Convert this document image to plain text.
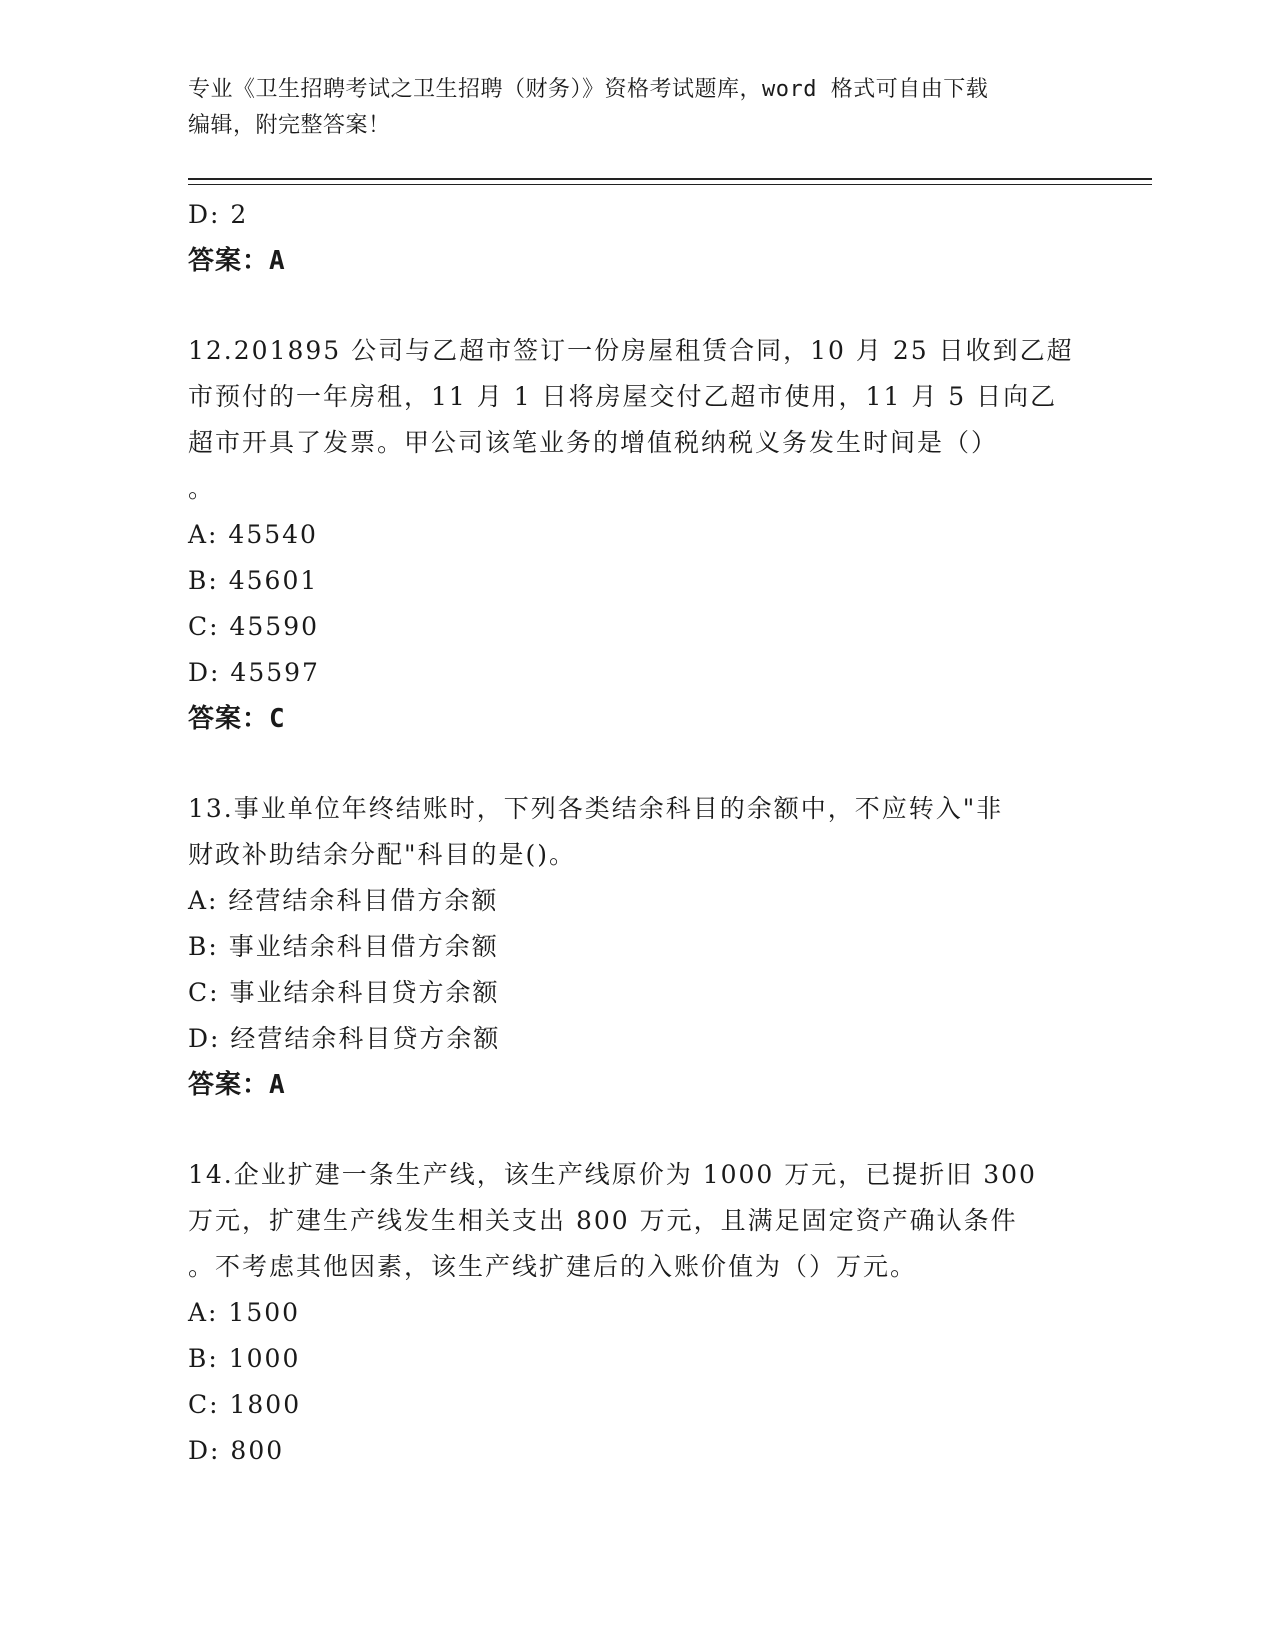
专业《卫生招聘考试之卫生招聘（财务）》资格考试题库，word 格式可自由下载
编辑，附完整答案！
D: 2
答案：A
12.201895 公司与乙超市签订一份房屋租赁合同，10 月 25 日收到乙超
市预付的一年房租，11 月 1 日将房屋交付乙超市使用，11 月 5 日向乙
超市开具了发票。甲公司该笔业务的增值税纳税义务发生时间是（）
。
A: 45540
B: 45601
C: 45590
D: 45597
答案：C
13.事业单位年终结账时，下列各类结余科目的余额中，不应转入"非
财政补助结余分配"科目的是()。
A: 经营结余科目借方余额
B: 事业结余科目借方余额
C: 事业结余科目贷方余额
D: 经营结余科目贷方余额
答案：A
14.企业扩建一条生产线，该生产线原价为 1000 万元，已提折旧 300
万元，扩建生产线发生相关支出 800 万元，且满足固定资产确认条件
。不考虑其他因素，该生产线扩建后的入账价值为（）万元。
A: 1500
B: 1000
C: 1800
D: 800
